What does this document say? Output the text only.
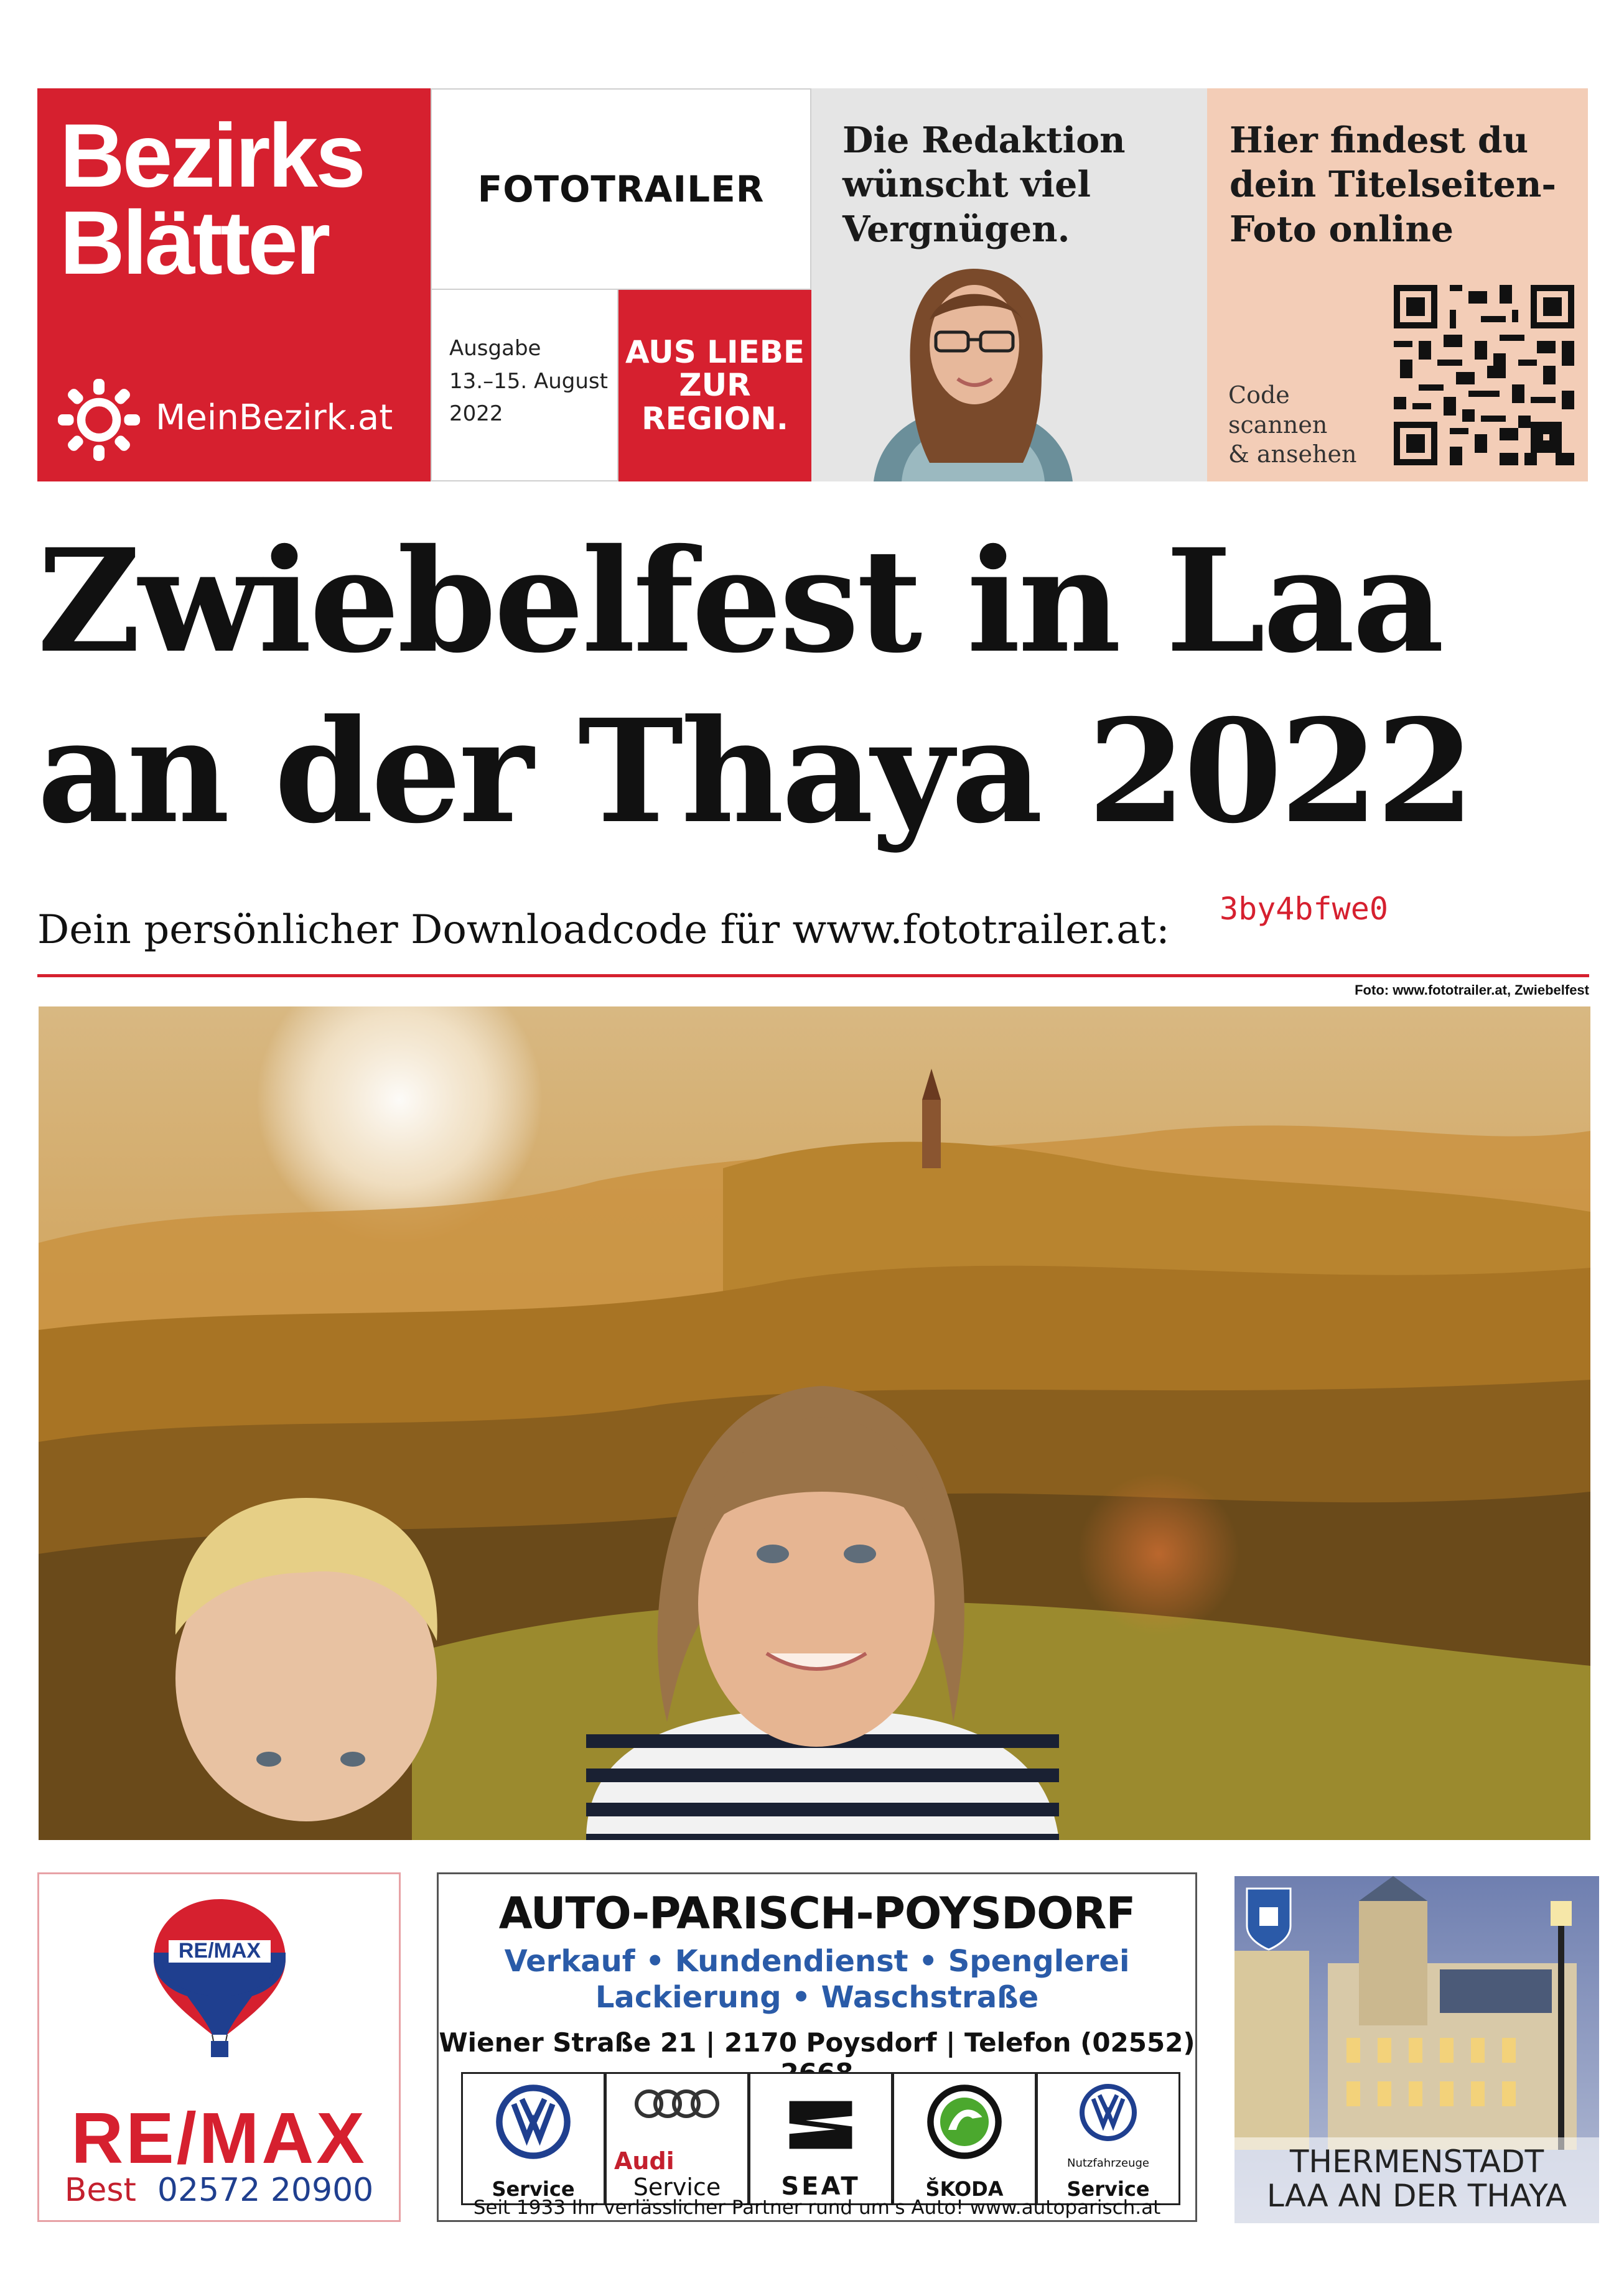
Bezirks
Blätter
MeinBezirk.at
FOTOTRAILER
Ausgabe
13.–15. August
2022
AUS LIEBE
ZUR
REGION.
Die Redaktion
wünscht viel
Vergnügen.
Hier findest du
dein Titelseiten-
Foto online
Code
scannen
& ansehen
Zwiebelfest in Laa
an der Thaya 2022
Dein persönlicher Downloadcode für www.fototrailer.at: 3by4bfwe0
Foto: www.fototrailer.at, Zwiebelfest
RE/MAX
RE/MAX
Best 02572 20900
AUTO-PARISCH-POYSDORF
Verkauf • Kundendienst • Spenglerei
Lackierung • Waschstraße
Wiener Straße 21 | 2170 Poysdorf | Telefon (02552)
Service
Audi
Service	SEAT	ŠKODA
Nutzfahrzeuge
Service
Seit 1933 Ihr verlässlicher Partner rund um's Auto! www.autoparisch.at
THERMENSTADT
LAA AN DER THAYA
